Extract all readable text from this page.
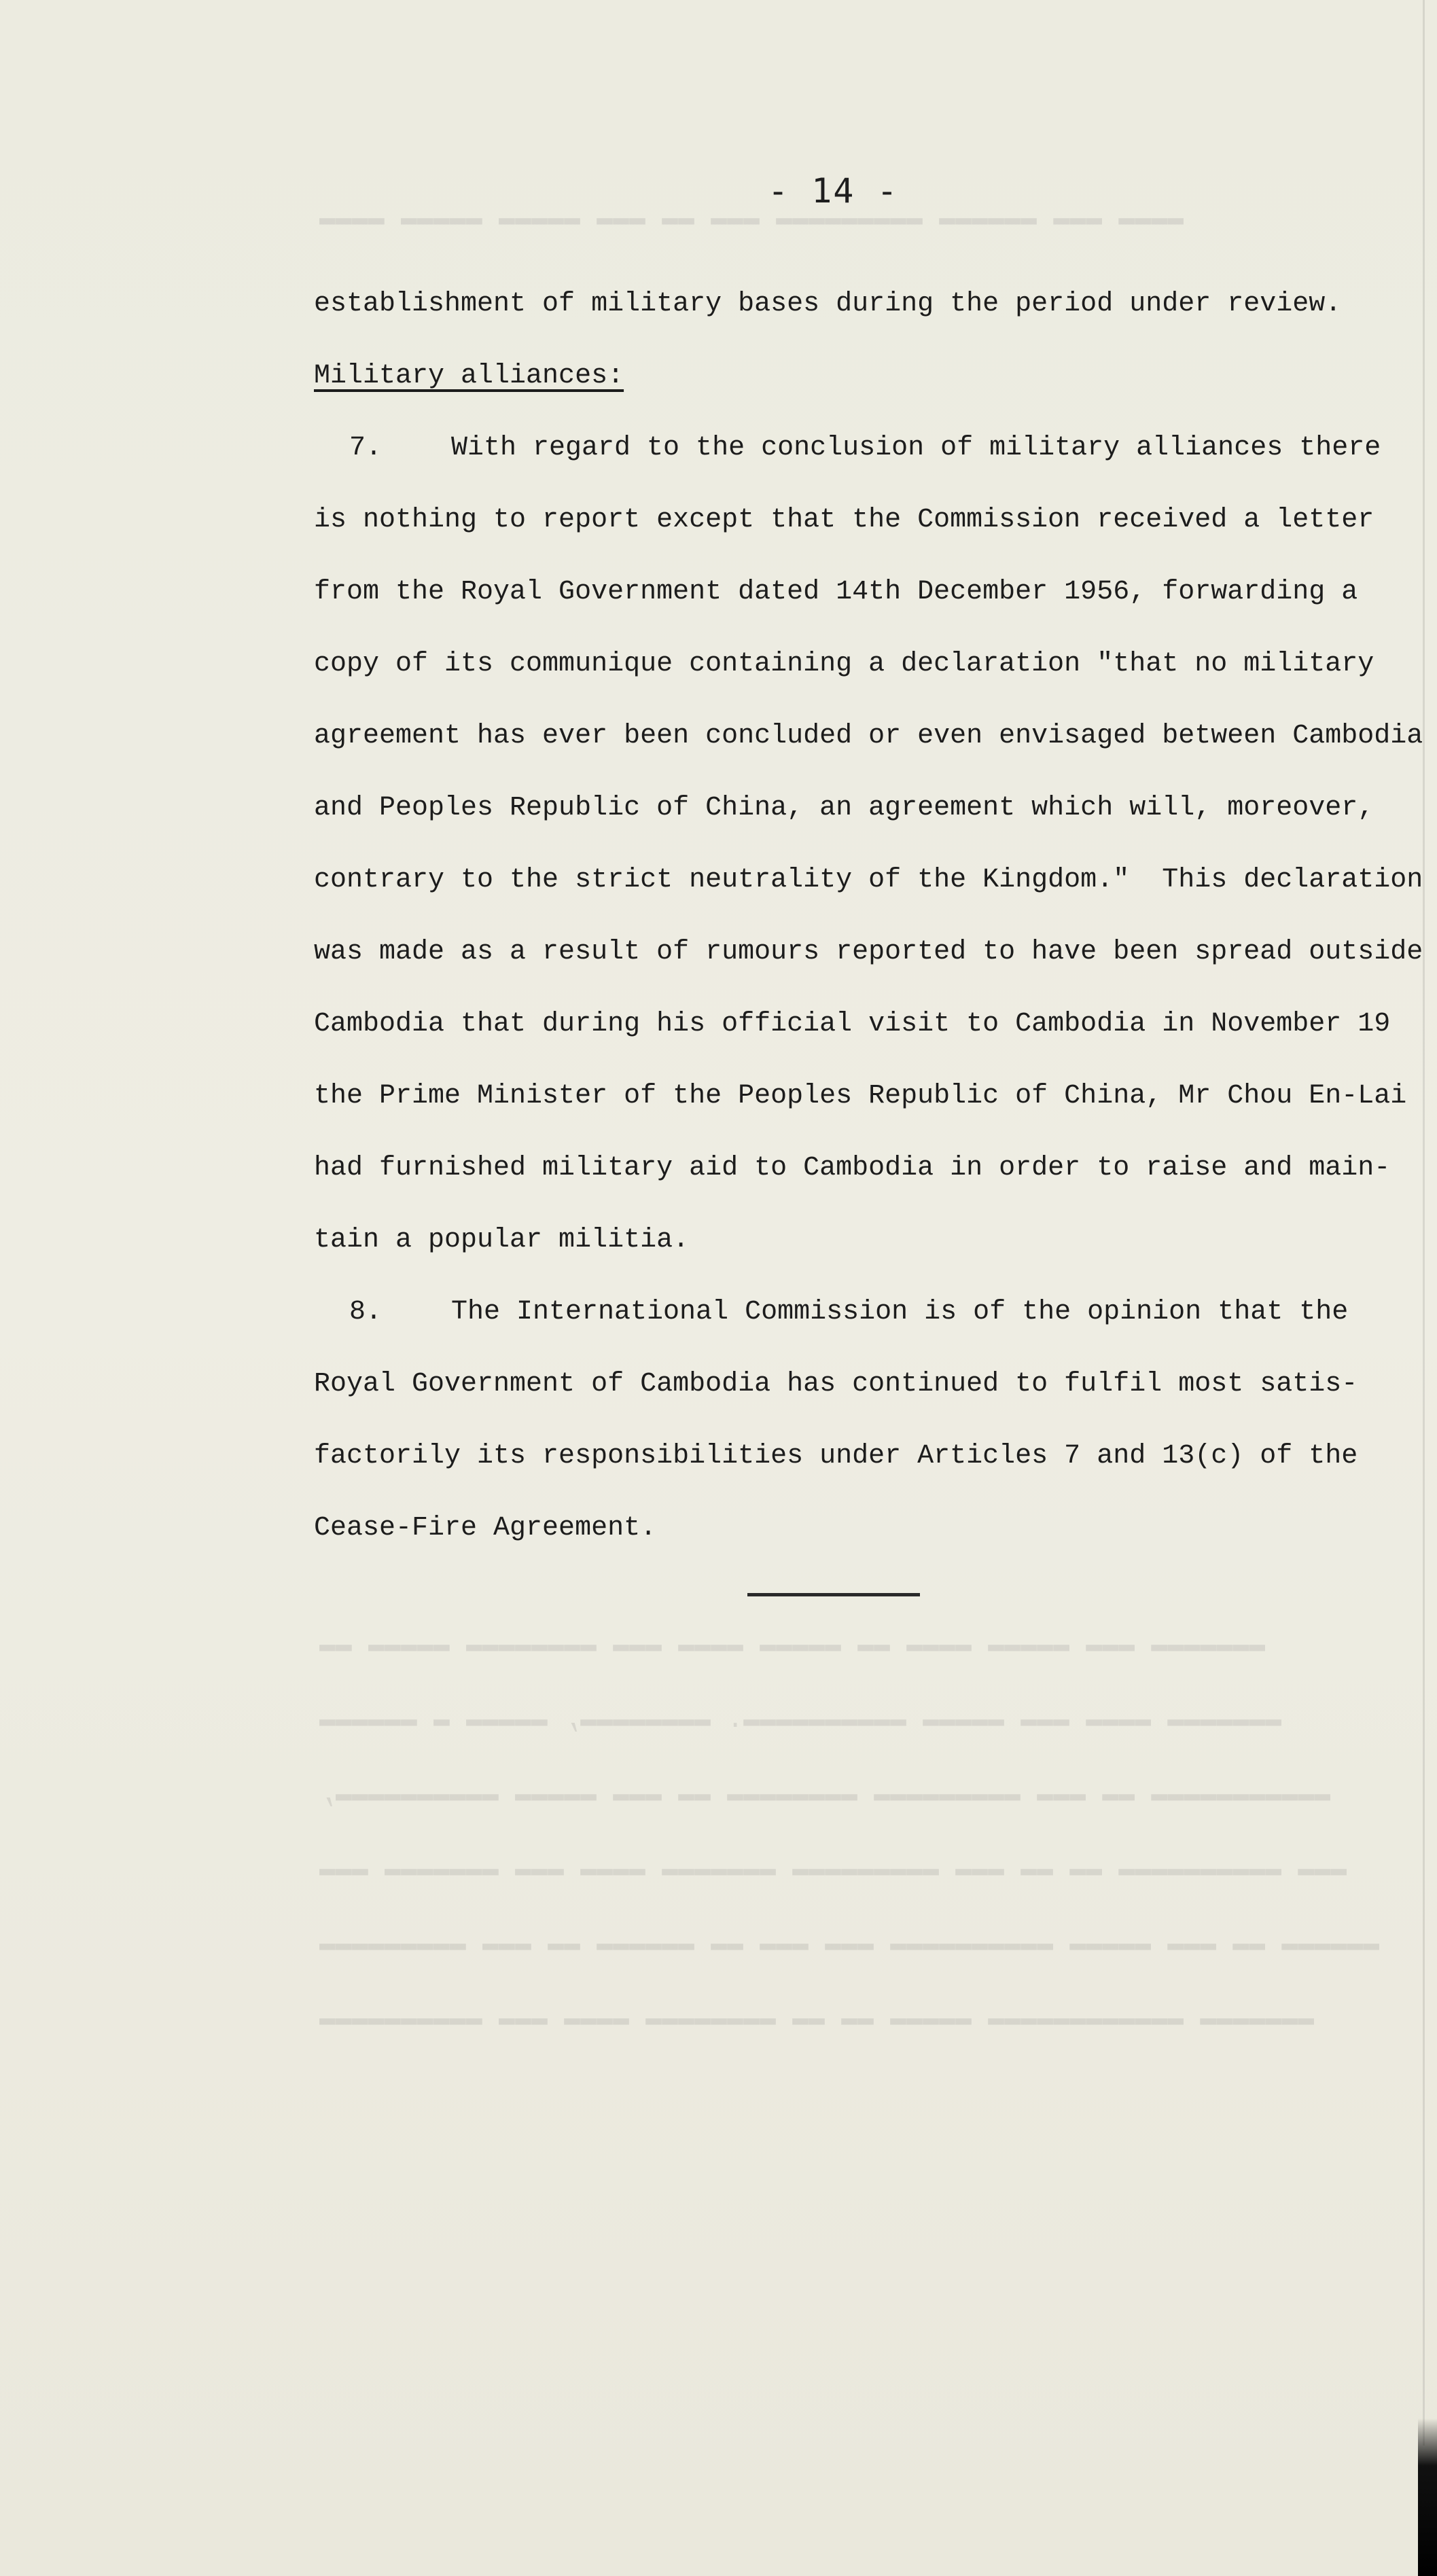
▬▬▬▬ ▬▬▬ ▬▬▬▬▬▬ ▬▬▬▬▬▬▬▬▬ ▬▬▬ ▬▬ ▬▬▬ ▬▬▬▬▬ ▬▬▬▬▬ ▬▬▬▬
▬▬▬▬▬▬▬ ▬▬▬ ▬▬▬▬▬ ▬▬▬▬ ▬▬ ▬▬▬▬▬ ▬▬▬▬ ▬▬▬ ▬▬▬▬▬▬▬▬ ▬▬▬▬▬ ▬▬
▬▬▬▬▬▬▬ ▬▬▬▬ ▬▬▬ ▬▬▬▬▬ ▬▬▬▬▬▬▬▬▬▬. ▬▬▬▬▬▬▬▬, ▬▬▬▬▬ ▬ ▬▬▬▬▬▬
▬▬▬▬▬▬▬▬▬▬▬ ▬▬ ▬▬▬ ▬▬▬▬▬▬▬▬▬ ▬▬▬▬▬▬▬▬ ▬▬ ▬▬▬ ▬▬▬▬▬ ▬▬▬▬▬▬▬▬▬▬,
▬▬▬ ▬▬▬▬▬▬▬▬▬▬ ▬▬ ▬▬ ▬▬▬ ▬▬▬▬▬▬▬▬▬ ▬▬▬▬▬▬▬ ▬▬▬▬ ▬▬▬ ▬▬▬▬▬▬▬ ▬▬▬
▬▬▬▬▬▬ ▬▬ ▬▬▬ ▬▬▬▬▬ ▬▬▬▬▬▬▬▬▬▬ ▬▬▬ ▬▬▬ ▬▬ ▬▬▬▬▬▬ ▬▬ ▬▬▬ ▬▬▬▬▬▬▬▬▬
▬▬▬▬▬▬▬ ▬▬▬▬▬▬▬▬▬▬▬▬ ▬▬▬▬▬ ▬▬ ▬▬ ▬▬▬▬▬▬▬▬ ▬▬▬▬ ▬▬▬ ▬▬▬▬▬▬▬▬▬▬
- 14 -
establishment of military bases during the period under review.
Military alliances:
7.	With regard to the conclusion of military alliances there
is nothing to report except that the Commission received a letter
from the Royal Government dated 14th December 1956, forwarding a
copy of its communique containing a declaration "that no military
agreement has ever been concluded or even envisaged between Cambodia
and Peoples Republic of China, an agreement which will, moreover,
contrary to the strict neutrality of the Kingdom."  This declaration
was made as a result of rumours reported to have been spread outside
Cambodia that during his official visit to Cambodia in November 19
the Prime Minister of the Peoples Republic of China, Mr Chou En-Lai
had furnished military aid to Cambodia in order to raise and main-
tain a popular militia.
8.	The International Commission is of the opinion that the
Royal Government of Cambodia has continued to fulfil most satis-
factorily its responsibilities under Articles 7 and 13(c) of the
Cease-Fire Agreement.
